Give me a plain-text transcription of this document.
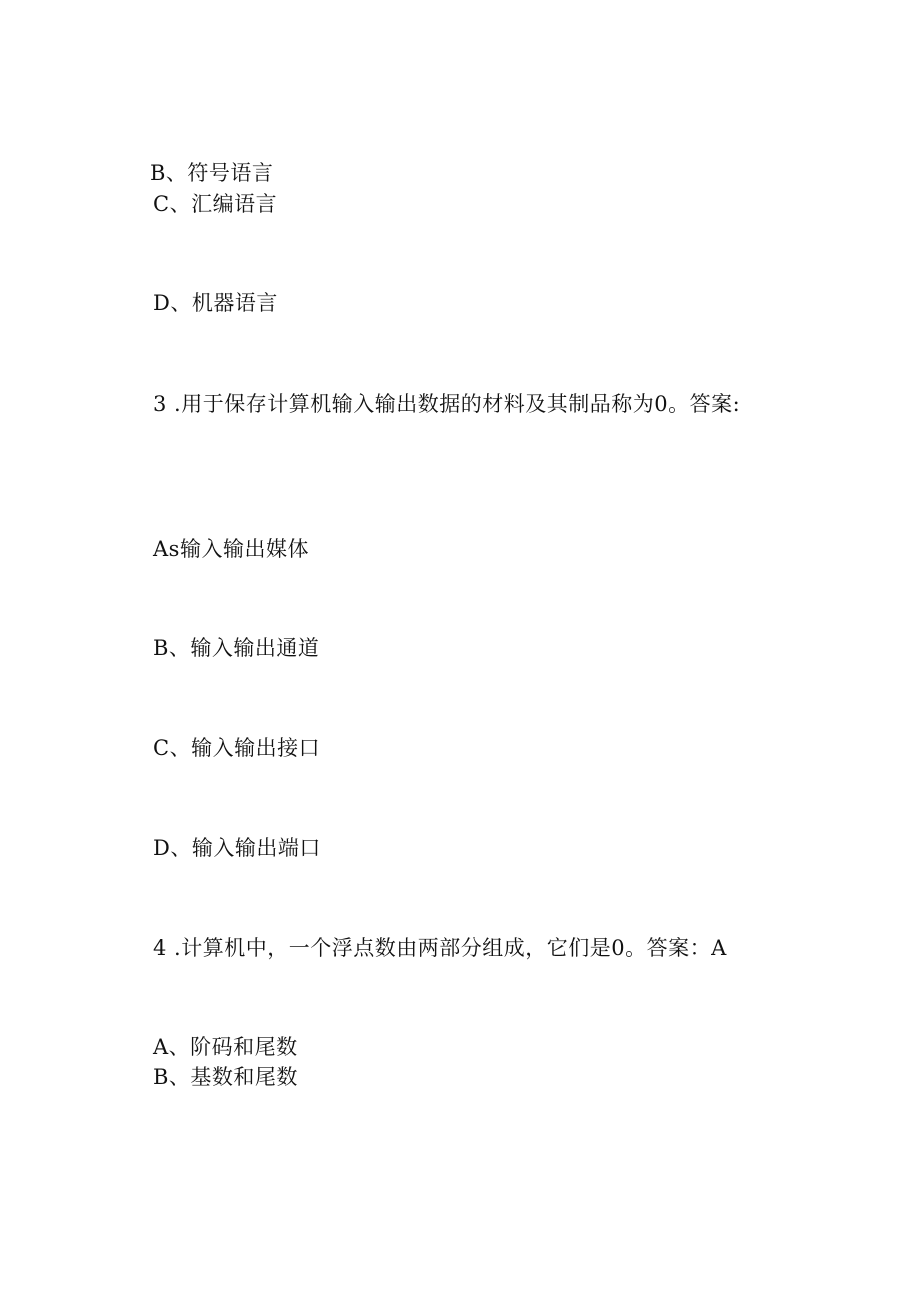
B、符号语言
C、汇编语言
D、机器语言
3 .用于保存计算机输入输出数据的材料及其制品称为0。答案:
As输入输出媒体
B、输入输出通道
C、输入输出接口
D、输入输出端口
4 .计算机中，一个浮点数由两部分组成，它们是0。答案：A
A、阶码和尾数
B、基数和尾数
